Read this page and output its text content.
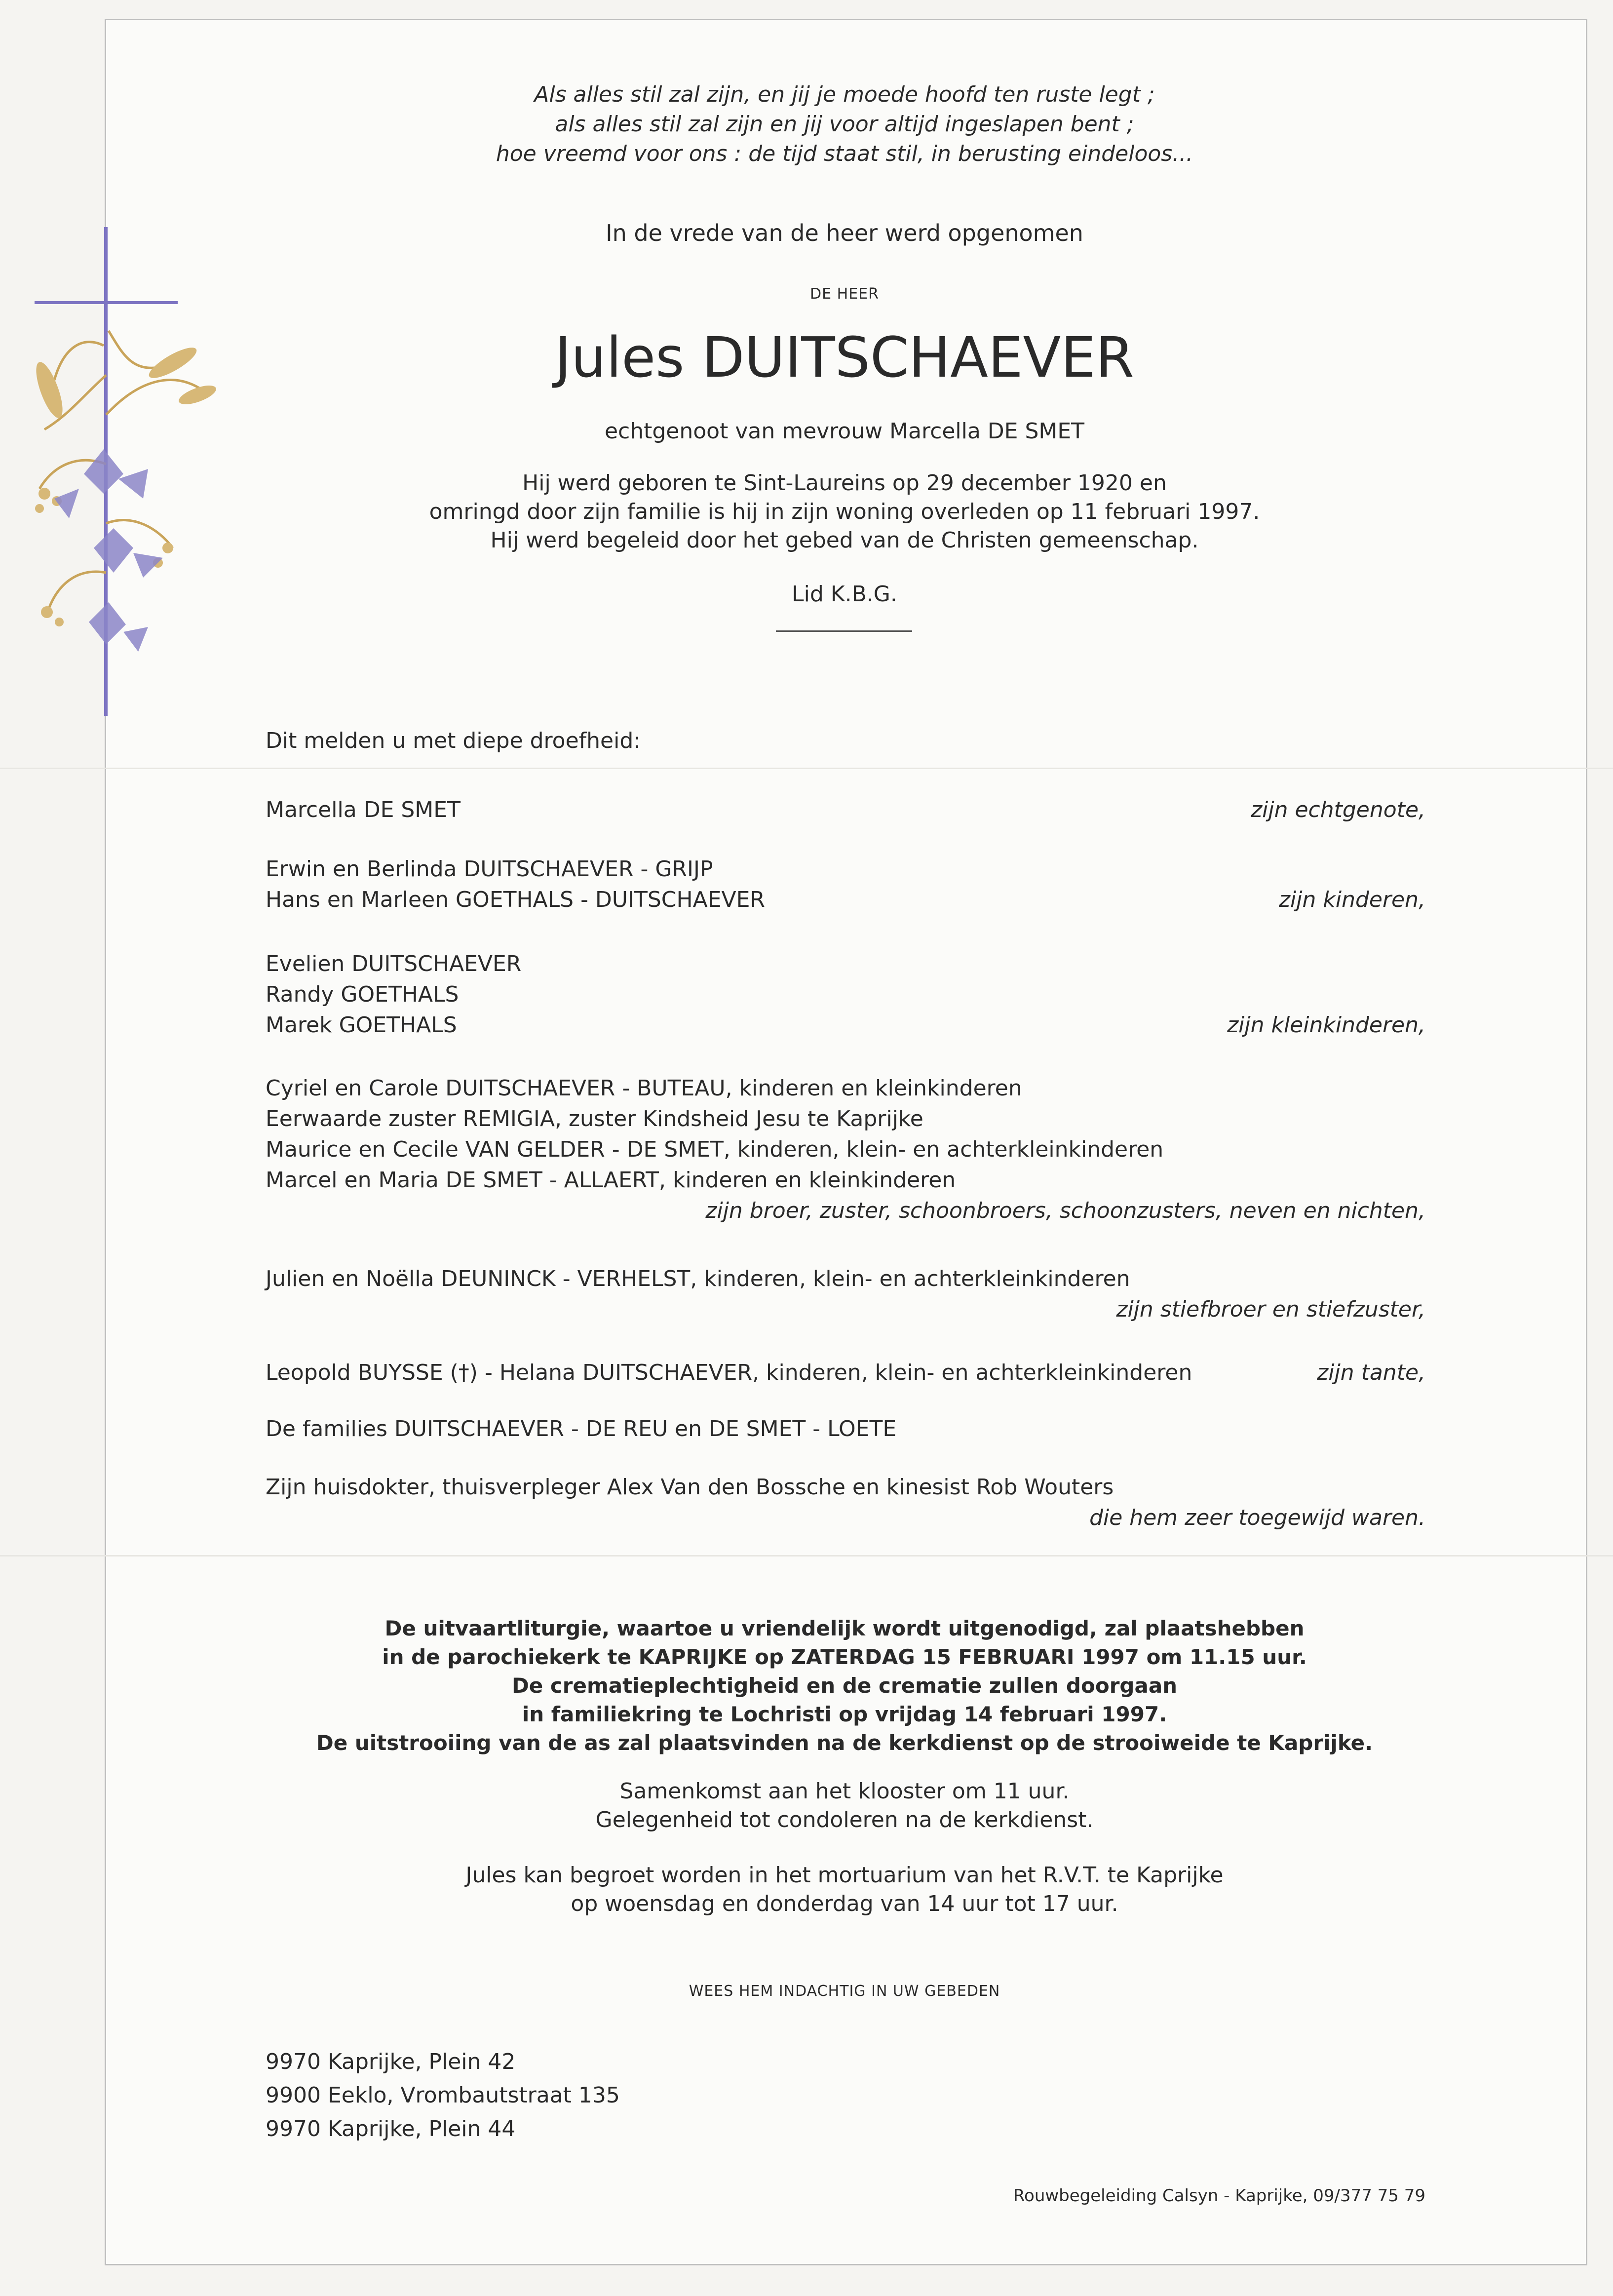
Als alles stil zal zijn, en jij je moede hoofd ten ruste legt ;
als alles stil zal zijn en jij voor altijd ingeslapen bent ;
hoe vreemd voor ons : de tijd staat stil, in berusting eindeloos...
In de vrede van de heer werd opgenomen
DE HEER
Jules DUITSCHAEVER
echtgenoot van mevrouw Marcella DE SMET
Hij werd geboren te Sint-Laureins op 29 december 1920 en
omringd door zijn familie is hij in zijn woning overleden op 11 februari 1997.
Hij werd begeleid door het gebed van de Christen gemeenschap.
Lid K.B.G.
Dit melden u met diepe droefheid:
Marcella DE SMET	zijn echtgenote,
Erwin en Berlinda DUITSCHAEVER - GRIJP
Hans en Marleen GOETHALS - DUITSCHAEVER	zijn kinderen,
Evelien DUITSCHAEVER
Randy GOETHALS
Marek GOETHALS	zijn kleinkinderen,
Cyriel en Carole DUITSCHAEVER - BUTEAU, kinderen en kleinkinderen
Eerwaarde zuster REMIGIA, zuster Kindsheid Jesu te Kaprijke
Maurice en Cecile VAN GELDER - DE SMET, kinderen, klein- en achterkleinkinderen
Marcel en Maria DE SMET - ALLAERT, kinderen en kleinkinderen
zijn broer, zuster, schoonbroers, schoonzusters, neven en nichten,
Julien en Noëlla DEUNINCK - VERHELST, kinderen, klein- en achterkleinkinderen
zijn stiefbroer en stiefzuster,
Leopold BUYSSE (†) - Helana DUITSCHAEVER, kinderen, klein- en achterkleinkinderen	zijn tante,
De families DUITSCHAEVER - DE REU en DE SMET - LOETE
Zijn huisdokter, thuisverpleger Alex Van den Bossche en kinesist Rob Wouters
die hem zeer toegewijd waren.
De uitvaartliturgie, waartoe u vriendelijk wordt uitgenodigd, zal plaatshebben
in de parochiekerk te KAPRIJKE op ZATERDAG 15 FEBRUARI 1997 om 11.15 uur.
De crematieplechtigheid en de crematie zullen doorgaan
in familiekring te Lochristi op vrijdag 14 februari 1997.
De uitstrooiing van de as zal plaatsvinden na de kerkdienst op de strooiweide te Kaprijke.
Samenkomst aan het klooster om 11 uur.
Gelegenheid tot condoleren na de kerkdienst.
Jules kan begroet worden in het mortuarium van het R.V.T. te Kaprijke
op woensdag en donderdag van 14 uur tot 17 uur.
WEES HEM INDACHTIG IN UW GEBEDEN
9970 Kaprijke, Plein 42
9900 Eeklo, Vrombautstraat 135
9970 Kaprijke, Plein 44
Rouwbegeleiding Calsyn - Kaprijke, 09/377 75 79
